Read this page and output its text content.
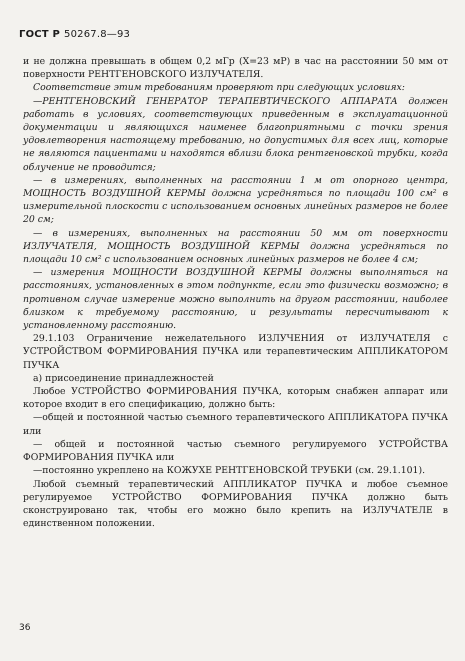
ГОСТ Р 50267.8—93

и не должна превышать в общем 0,2 мГр (Х=23 мР) в час на расстоянии 50 мм от поверхности РЕНТГЕНОВСКОГО ИЗЛУЧАТЕЛЯ.

Соответствие этим требованиям проверяют при следующих условиях:

—РЕНТГЕНОВСКИЙ ГЕНЕРАТОР ТЕРАПЕВТИЧЕСКОГО АППАРАТА должен работать в условиях, соответствующих приведенным в эксплуатационной документации и являющихся наименее благоприятными с точки зрения удовлетворения настоящему требованию, но допустимых для всех лиц, которые не являются пациентами и находятся вблизи блока рентгеновской трубки, когда облучение не проводится;

— в измерениях, выполненных на расстоянии 1 м от опорного центра, МОЩНОСТЬ ВОЗДУШНОЙ КЕРМЫ должна усредняться по площади 100 см² в измерительной плоскости с использованием основных линейных размеров не более 20 см;

— в измерениях, выполненных на расстоянии 50 мм от поверхности ИЗЛУЧАТЕЛЯ, МОЩНОСТЬ ВОЗДУШНОЙ КЕРМЫ должна усредняться по площади 10 см² с использованием основных линейных размеров не более 4 см;

— измерения МОЩНОСТИ ВОЗДУШНОЙ КЕРМЫ должны выполняться на расстояниях, установленных в этом подпункте, если это физически возможно; в противном случае измерение можно выполнить на другом расстоянии, наиболее близком к требуемому расстоянию, и результаты пересчитывают к установленному расстоянию.

29.1.103 Ограничение нежелательного ИЗЛУЧЕНИЯ от ИЗЛУЧАТЕЛЯ с УСТРОЙСТВОМ ФОРМИРОВАНИЯ ПУЧКА или терапевтическим АППЛИКАТОРОМ ПУЧКА

а) присоединение принадлежностей

Любое УСТРОЙСТВО ФОРМИРОВАНИЯ ПУЧКА, которым снабжен аппарат или которое входит в его спецификацию, должно быть:

—общей и постоянной частью съемного терапевтического АППЛИКАТОРА ПУЧКА или

— общей и постоянной частью съемного регулируемого УСТРОЙСТВА ФОРМИРОВАНИЯ ПУЧКА или

—постоянно укреплено на КОЖУХЕ РЕНТГЕНОВСКОЙ ТРУБКИ (см. 29.1.101).

Любой съемный терапевтический АППЛИКАТОР ПУЧКА и любое съемное регулируемое УСТРОЙСТВО ФОРМИРОВАНИЯ ПУЧКА должно быть сконструировано так, чтобы его можно было крепить на ИЗЛУЧАТЕЛЕ в единственном положении.

36
